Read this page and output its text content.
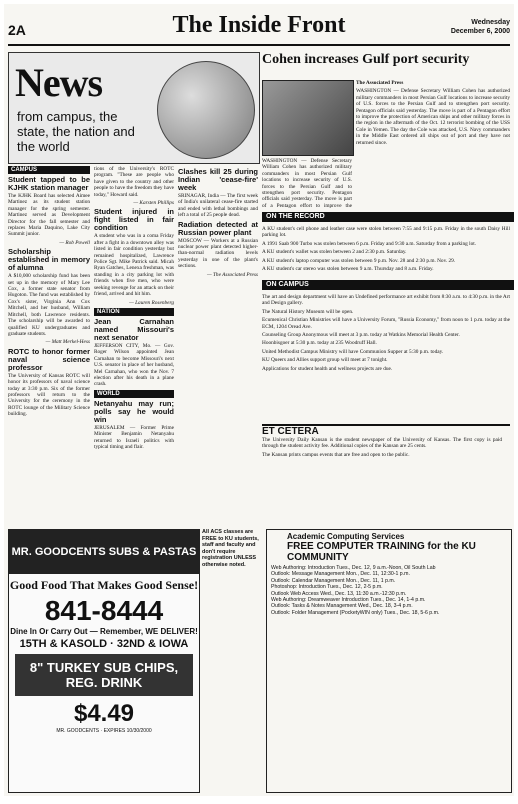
2A	The Inside Front	Wednesday
December 6, 2000
News
from campus, the state, the nation and the world
Cohen increases Gulf port security

The Associated Press

WASHINGTON — Defense Secretary William Cohen has authorized military commanders in most Persian Gulf locations to increase security of U.S. forces to the Persian Gulf and to strengthen port security. Pentagon officials said yesterday. The move is part of a Pentagon effort to improve the protection of American ships and other military forces in the region in the aftermath of the Oct. 12 terrorist bombing of the USS Cole in Yemen. The day the Cole was attacked, U.S. Navy commanders in the Middle East ordered all ships out of port and they have not returned since.

WASHINGTON — Defense Secretary William Cohen has authorized military commanders in most Persian Gulf locations to increase security of U.S. forces to the Persian Gulf and to strengthen port security. Pentagon officials said yesterday. The move is part of a Pentagon effort to improve the

CAMPUS
Student tapped to be KJHK station manager

The KJHK Board has selected Aimee Martinez as its student station manager for the spring semester. Martinez served as Development Director for the fall semester and replaces Maria Daquino, Lake City Summit junior.

— Rob Powell

Scholarship established in memory of alumna

A $10,000 scholarship fund has been set up in the memory of Mary Lee Cox, a former state senator from Hugoton. The fund was established by Cox's sister, Virginia Ann Cox Mitchell, and her husband, William Mitchell, both Lawrence residents. The scholarship will be awarded to qualified KU undergraduates and graduate students.

— Matt Merkel-Hess

ROTC to honor former naval science professor

The University of Kansas ROTC will honor its professors of naval science today at 3:30 p.m. Six of the former professors will return to the University for the ceremony in the ROTC lounge of the Military Science building.

tions of the University's ROTC program. "These are people who have given to the country and other people to have the freedom they have today," Howard said.

— Karsten Phillips

Student injured in fight listed in fair condition

A student who was in a coma Friday after a fight in a downtown alley was listed in fair condition yesterday but remained hospitalized, Lawrence Police Sgt. Mike Patrick said. Micah Ryan Gatches, Lenexa freshman, was standing in a city parking lot with friends when five men, who were seeking revenge for an attack on their friend, arrived and hit him.

— Lauren Rosenberg

NATION
Jean Carnahan named Missouri's next senator

JEFFERSON CITY, Mo. — Gov. Roger Wilson appointed Jean Carnahan to become Missouri's next U.S. senator in place of her husband, Mel Carnahan, who won the Nov. 7 election after his death in a plane crash.

WORLD
Netanyahu may run; polls say he would win

JERUSALEM — Former Prime Minister Benjamin Netanyahu returned to Israeli politics with typical timing and flair.

Clashes kill 25 during Indian 'cease-fire' week

SRINAGAR, India — The first week of India's unilateral cease-fire started and ended with lethal bombings and left a total of 25 people dead.

Radiation detected at Russian power plant

MOSCOW — Workers at a Russian nuclear power plant detected higher-than-normal radiation levels yesterday in one of the plant's sections.

— The Associated Press

ON THE RECORD

A KU student's cell phone and leather case were stolen between 7:55 and 9:15 p.m. Friday in the south Daisy Hill parking lot.

A 1991 Saab 900 Turbo was stolen between 6 p.m. Friday and 9:30 a.m. Saturday from a parking lot.

A KU student's wallet was stolen between 2 and 2:30 p.m. Saturday.

A KU student's laptop computer was stolen between 9 p.m. Nov. 28 and 2:30 p.m. Nov. 29.

A KU student's car stereo was stolen between 9 a.m. Thursday and 8 a.m. Friday.

ON CAMPUS

The art and design department will have an Undefined performance art exhibit from 8:30 a.m. to 4:30 p.m. in the Art and Design gallery.

The Natural History Museum will be open.

Ecumenical Christian Ministries will have a University Forum, "Russia Economy," from noon to 1 p.m. today at the ECM, 1204 Oread Ave.

Counseling Group Anonymous will meet at 3 p.m. today at Watkins Memorial Health Center.

Hoonbisgoer at 5:30 p.m. today at 235 Woodruff Hall.

United Methodist Campus Ministry will have Communion Supper at 5:30 p.m. today.

KU Queers and Allies support group will meet at 7 tonight.

Applications for student health and wellness projects are due.

ET CETERA

The University Daily Kansan is the student newspaper of the University of Kansas. The first copy is paid through the student activity fee. Additional copies of the Kansan are 25 cents.

The Kansan prints campus events that are free and open to the public.

MR. GOODCENTS SUBS & PASTAS
Good Food That Makes Good Sense!
841-8444
Dine In Or Carry Out — Remember, WE DELIVER!
15TH & KASOLD · 32ND & IOWA
8" TURKEY SUB CHIPS, REG. DRINK
$4.49
MR. GOODCENTS · EXPIRES 10/30/2000
All ACS classes are FREE to KU students, staff and faculty and don't require registration UNLESS otherwise noted.
Academic Computing Services
FREE COMPUTER TRAINING for the KU COMMUNITY
Web Authoring: Introduction Tues., Dec. 12, 9 a.m.-Noon, Oil South Lab
Outlook: Message Management Mon., Dec. 11, 12:30-1 p.m.
Outlook: Calendar Management Mon., Dec. 11, 1 p.m.
Photoshop: Introduction Tues., Dec. 12, 2-5 p.m.
Outlook Web Access Wed., Dec. 13, 11:30 a.m.-12:30 p.m.
Web Authoring: Dreamweaver Introduction Tues., Dec. 14, 1-4 p.m.
Outlook: Tasks & Notes Management Wed., Dec. 18, 3-4 p.m.
Outlook: Folder Management (PocketyWIN only) Tues., Dec. 18, 5-6 p.m.
